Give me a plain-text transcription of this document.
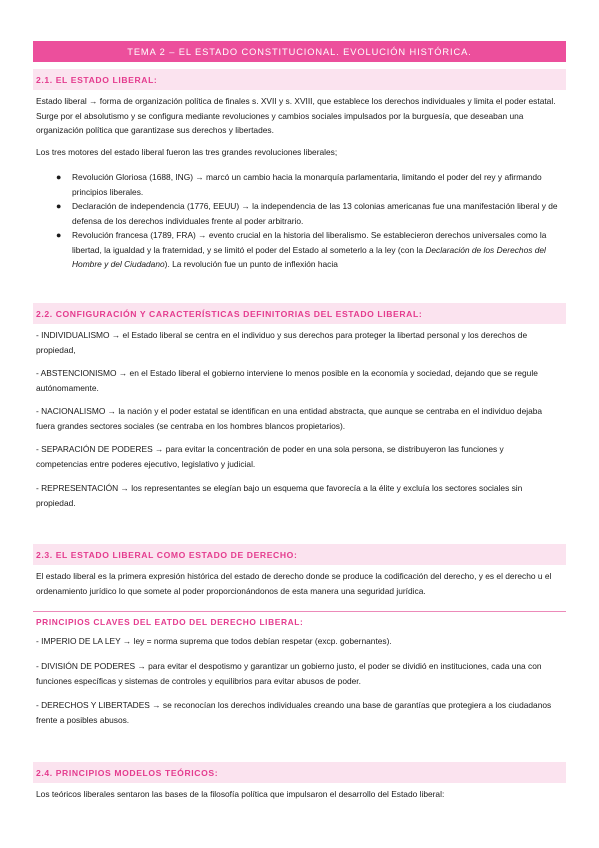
TEMA 2 – EL ESTADO CONSTITUCIONAL. EVOLUCIÓN HISTÓRICA.
2.1. EL ESTADO LIBERAL:
Estado liberal → forma de organización política de finales s. XVII y s. XVIII, que establece los derechos individuales y limita el poder estatal. Surge por el absolutismo y se configura mediante revoluciones y cambios sociales impulsados por la burguesía, que deseaban una organización política que garantizase sus derechos y libertades.
Los tres motores del estado liberal fueron las tres grandes revoluciones liberales;
● Revolución Gloriosa (1688, ING) → marcó un cambio hacia la monarquía parlamentaria, limitando el poder del rey y afirmando principios liberales.
● Declaración de independencia (1776, EEUU) → la independencia de las 13 colonias americanas fue una manifestación liberal y de defensa de los derechos individuales frente al poder arbitrario.
● Revolución francesa (1789, FRA) → evento crucial en la historia del liberalismo. Se establecieron derechos universales como la libertad, la igualdad y la fraternidad, y se limitó el poder del Estado al someterlo a la ley (con la Declaración de los Derechos del Hombre y del Ciudadano). La revolución fue un punto de inflexión hacia
2.2. CONFIGURACIÓN Y CARACTERÍSTICAS DEFINITORIAS DEL ESTADO LIBERAL:
- INDIVIDUALISMO → el Estado liberal se centra en el individuo y sus derechos para proteger la libertad personal y los derechos de propiedad,
- ABSTENCIONISMO → en el Estado liberal el gobierno interviene lo menos posible en la economía y sociedad, dejando que se regule autónomamente.
- NACIONALISMO → la nación y el poder estatal se identifican en una entidad abstracta, que aunque se centraba en el individuo dejaba fuera grandes sectores sociales (se centraba en los hombres blancos propietarios).
- SEPARACIÓN DE PODERES → para evitar la concentración de poder en una sola persona, se distribuyeron las funciones y competencias entre poderes ejecutivo, legislativo y judicial.
- REPRESENTACIÓN → los representantes se elegían bajo un esquema que favorecía a la élite y excluía los sectores sociales sin propiedad.
2.3. EL ESTADO LIBERAL COMO ESTADO DE DERECHO:
El estado liberal es la primera expresión histórica del estado de derecho donde se produce la codificación del derecho, y es el derecho u el ordenamiento jurídico lo que somete al poder proporcionándonos de esta manera una seguridad jurídica.
PRINCIPIOS CLAVES DEL EATDO DEL DERECHO LIBERAL:
- IMPERIO DE LA LEY → ley = norma suprema que todos debían respetar (excp. gobernantes).
- DIVISIÓN DE PODERES → para evitar el despotismo y garantizar un gobierno justo, el poder se dividió en instituciones, cada una con funciones específicas y sistemas de controles y equilibrios para evitar abusos de poder.
- DERECHOS Y LIBERTADES → se reconocían los derechos individuales creando una base de garantías que protegiera a los ciudadanos frente a posibles abusos.
2.4. PRINCIPIOS MODELOS TEÓRICOS:
Los teóricos liberales sentaron las bases de la filosofía política que impulsaron el desarrollo del Estado liberal:
